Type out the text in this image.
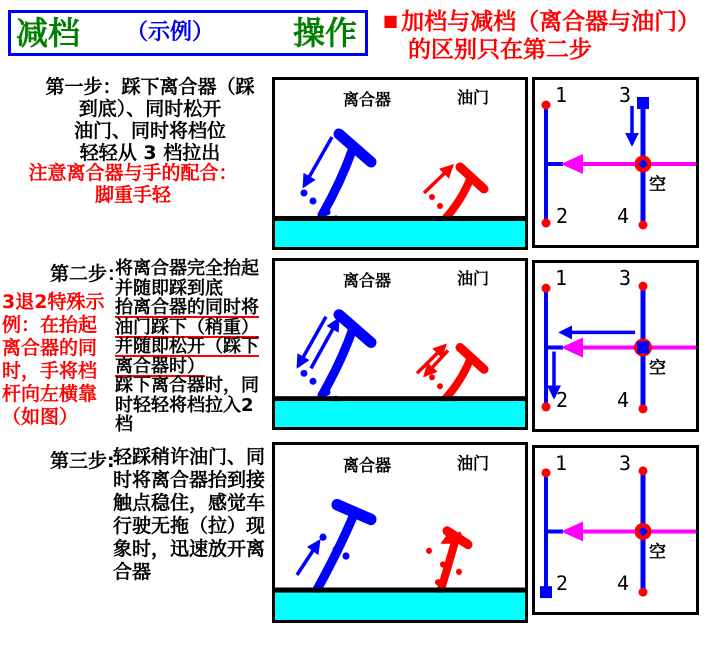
减档 （示例） 操作 ■ 加档与减档（离合器与油门）
的区别只在第二步
第一步：踩下离合器（踩
到底）、同时松开
油门、同时将档位
轻轻从 3 档拉出
注意离合器与手的配合：
脚重手轻
3退2特殊示
例：在抬起
离合器的同
时，手将档
杆向左横靠
（如图）
第二步：
将离合器完全抬起
并随即踩到底
抬离合器的同时将
油门踩下（稍重）
并随即松开（踩下
离合器时）
踩下离合器时，同
时轻轻将档拉入2
档
第三步:
轻踩稍许油门、同
时将离合器抬到接
触点稳住，感觉车
行驶无拖（拉）现
象时，迅速放开离
合器
离合器	油门
离合器	油门
离合器	油门
1	3
2 4
空
1	3
2 4
空
1	3
2 4
空
